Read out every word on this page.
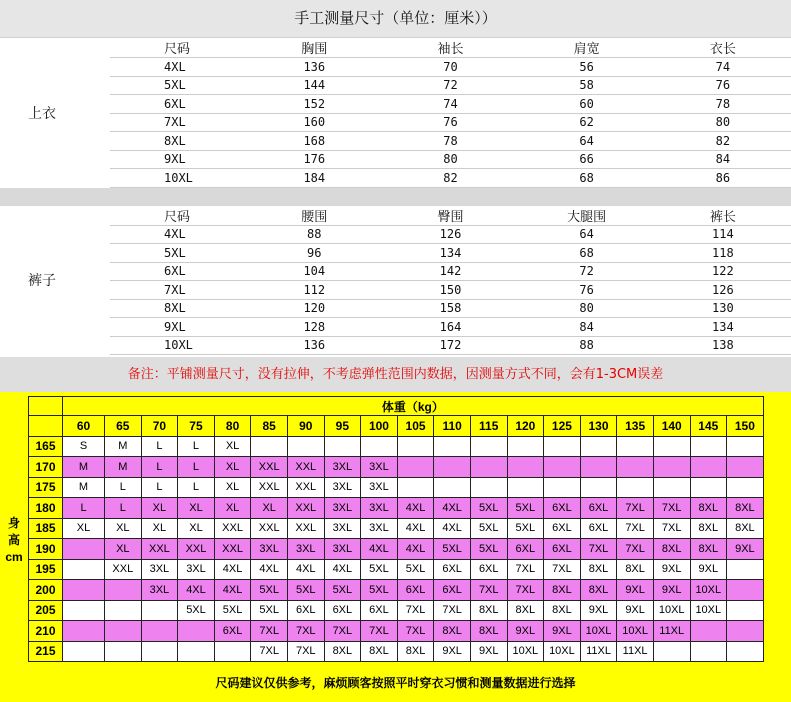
手工测量尺寸（单位：厘米））
上衣
尺码	胸围	袖长	肩宽	衣长
4XL	136	70	56	74
5XL	144	72	58	76
6XL	152	74	60	78
7XL	160	76	62	80
8XL	168	78	64	82
9XL	176	80	66	84
10XL	184	82	68	86
裤子
尺码	腰围	臀围	大腿围	裤长
4XL	88	126	64	114
5XL	96	134	68	118
6XL	104	142	72	122
7XL	112	150	76	126
8XL	120	158	80	130
9XL	128	164	84	134
10XL	136	172	88	138
备注：平铺测量尺寸，没有拉伸，不考虑弹性范围内数据，因测量方式不同，会有1-3CM误差
	体重（kg）																		
	60	65	70	75	80	85	90	95	100	105	110	115	120	125	130	135	140	145	150
165	S	M	L	L	XL														
170	M	M	L	L	XL	XXL	XXL	3XL	3XL										
175	M	L	L	L	XL	XXL	XXL	3XL	3XL										
180	L	L	XL	XL	XL	XL	XXL	3XL	3XL	4XL	4XL	5XL	5XL	6XL	6XL	7XL	7XL	8XL	8XL
185	XL	XL	XL	XL	XXL	XXL	XXL	3XL	3XL	4XL	4XL	5XL	5XL	6XL	6XL	7XL	7XL	8XL	8XL
190		XL	XXL	XXL	XXL	3XL	3XL	3XL	4XL	4XL	5XL	5XL	6XL	6XL	7XL	7XL	8XL	8XL	9XL
195		XXL	3XL	3XL	4XL	4XL	4XL	4XL	5XL	5XL	6XL	6XL	7XL	7XL	8XL	8XL	9XL	9XL	
200			3XL	4XL	4XL	5XL	5XL	5XL	5XL	6XL	6XL	7XL	7XL	8XL	8XL	9XL	9XL	10XL	
205				5XL	5XL	5XL	6XL	6XL	6XL	7XL	7XL	8XL	8XL	8XL	9XL	9XL	10XL	10XL	
210					6XL	7XL	7XL	7XL	7XL	7XL	8XL	8XL	9XL	9XL	10XL	10XL	11XL		
215						7XL	7XL	8XL	8XL	8XL	9XL	9XL	10XL	10XL	11XL	11XL			
身
高
cm
尺码建议仅供参考，麻烦顾客按照平时穿衣习惯和测量数据进行选择
